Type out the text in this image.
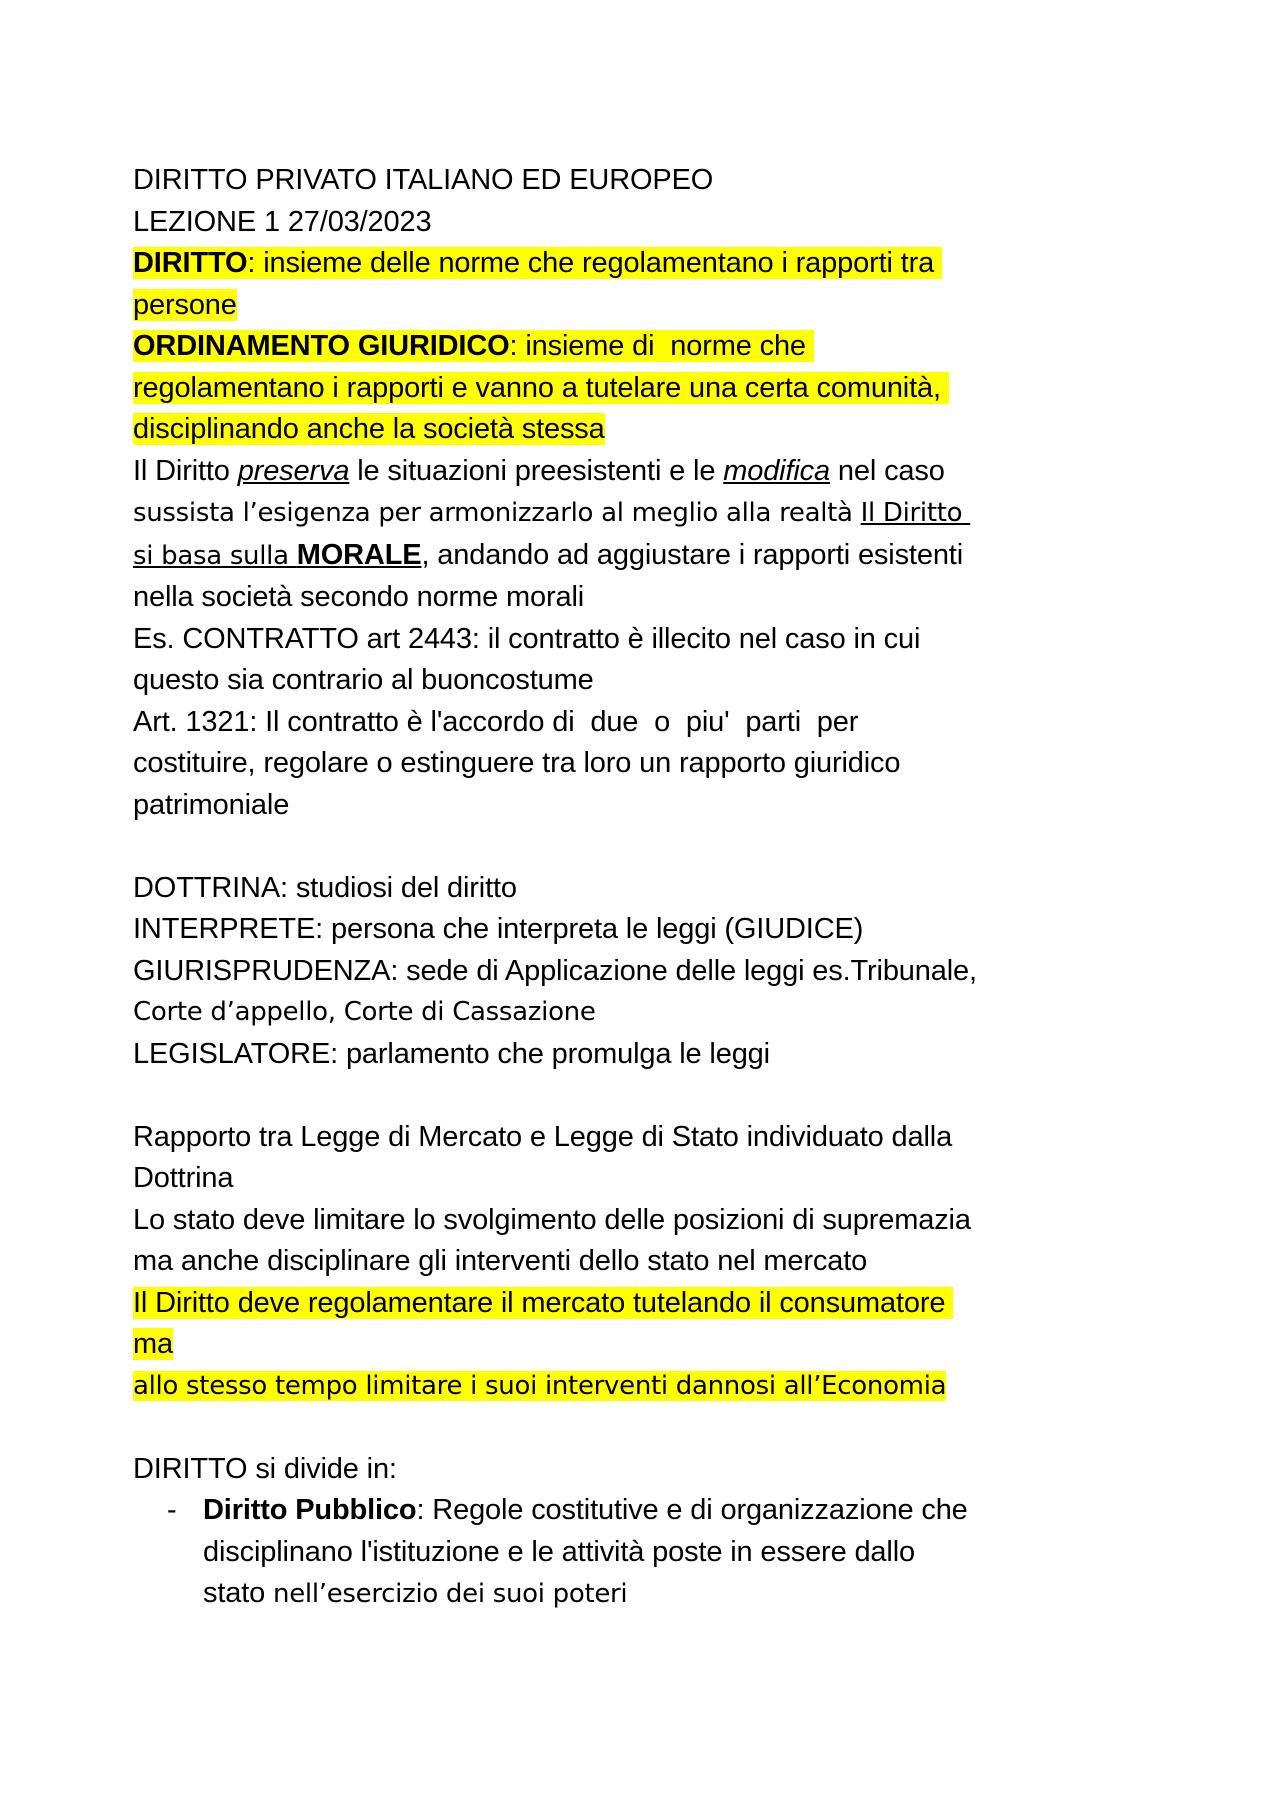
DIRITTO PRIVATO ITALIANO ED EUROPEO
LEZIONE 1 27/03/2023
DIRITTO: insieme delle norme che regolamentano i rapporti tra persone
ORDINAMENTO GIURIDICO: insieme di  norme che regolamentano i rapporti e vanno a tutelare una certa comunità, disciplinando anche la società stessa
Il Diritto preserva le situazioni preesistenti e le modifica nel caso sussista l’esigenza per armonizzarlo al meglio alla realtà Il Diritto si basa sulla MORALE, andando ad aggiustare i rapporti esistenti nella società secondo norme morali
Es. CONTRATTO art 2443: il contratto è illecito nel caso in cui questo sia contrario al buoncostume
Art. 1321: Il contratto è l'accordo di  due  o  piu'  parti  per costituire, regolare o estinguere tra loro un rapporto giuridico patrimoniale
DOTTRINA: studiosi del diritto
INTERPRETE: persona che interpreta le leggi (GIUDICE)
GIURISPRUDENZA: sede di Applicazione delle leggi es.Tribunale,
Corte d’appello, Corte di Cassazione
LEGISLATORE: parlamento che promulga le leggi
Rapporto tra Legge di Mercato e Legge di Stato individuato dalla Dottrina
Lo stato deve limitare lo svolgimento delle posizioni di supremazia
ma anche disciplinare gli interventi dello stato nel mercato
Il Diritto deve regolamentare il mercato tutelando il consumatore ma
allo stesso tempo limitare i suoi interventi dannosi all’Economia
DIRITTO si divide in:
- Diritto Pubblico: Regole costitutive e di organizzazione che disciplinano l'istituzione e le attività poste in essere dallo stato nell’esercizio dei suoi poteri
